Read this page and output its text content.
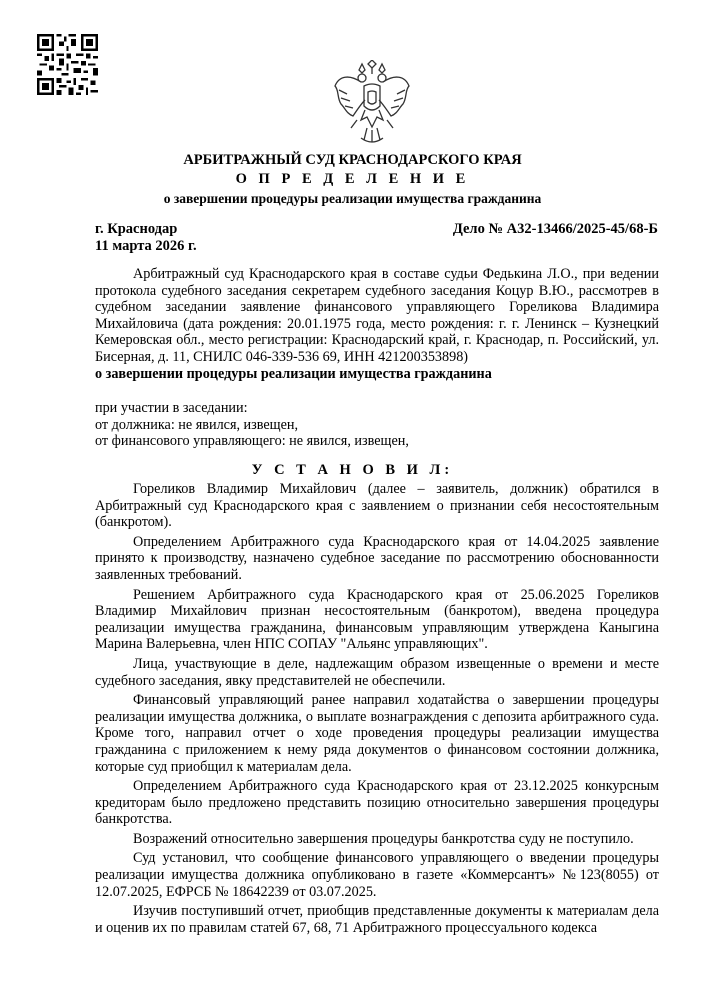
АРБИТРАЖНЫЙ СУД КРАСНОДАРСКОГО КРАЯ
О П Р Е Д Е Л Е Н И Е
о завершении процедуры реализации имущества гражданина
г. Краснодар
11 марта 2026 г.
Дело № А32-13466/2025-45/68-Б

Арбитражный суд Краснодарского края в составе судьи Федькина Л.О., при ведении протокола судебного заседания секретарем судебного заседания Коцур В.Ю., рассмотрев в судебном заседании заявление финансового управляющего Гореликова Владимира Михайловича (дата рождения: 20.01.1975 года, место рождения: г. г. Ленинск – Кузнецкий Кемеровская обл., место регистрации: Краснодарский край, г. Краснодар, п. Российский, ул. Бисерная, д. 11, СНИЛС 046-339-536 69, ИНН 421200353898)

о завершении процедуры реализации имущества гражданина

при участии в заседании:
от должника: не явился, извещен,
от финансового управляющего: не явился, извещен,
У С Т А Н О В И Л:

Гореликов Владимир Михайлович (далее – заявитель, должник) обратился в Арбитражный суд Краснодарского края с заявлением о признании себя несостоятельным (банкротом).

Определением Арбитражного суда Краснодарского края от 14.04.2025 заявление принято к производству, назначено судебное заседание по рассмотрению обоснованности заявленных требований.

Решением Арбитражного суда Краснодарского края от 25.06.2025 Гореликов Владимир Михайлович признан несостоятельным (банкротом), введена процедура реализации имущества гражданина, финансовым управляющим утверждена Каныгина Марина Валерьевна, член НПС СОПАУ "Альянс управляющих".

Лица, участвующие в деле, надлежащим образом извещенные о времени и месте судебного заседания, явку представителей не обеспечили.

Финансовый управляющий ранее направил ходатайства о завершении процедуры реализации имущества должника, о выплате вознаграждения с депозита арбитражного суда. Кроме того, направил отчет о ходе проведения процедуры реализации имущества гражданина с приложением к нему ряда документов о финансовом состоянии должника, которые суд приобщил к материалам дела.

Определением Арбитражного суда Краснодарского края от 23.12.2025 конкурсным кредиторам было предложено представить позицию относительно завершения процедуры банкротства.

Возражений относительно завершения процедуры банкротства суду не поступило.

Суд установил, что сообщение финансового управляющего о введении процедуры реализации имущества должника опубликовано в газете «Коммерсантъ» №123(8055) от 12.07.2025, ЕФРСБ № 18642239 от 03.07.2025.

Изучив поступивший отчет, приобщив представленные документы к материалам дела и оценив их по правилам статей 67, 68, 71 Арбитражного процессуального кодекса
